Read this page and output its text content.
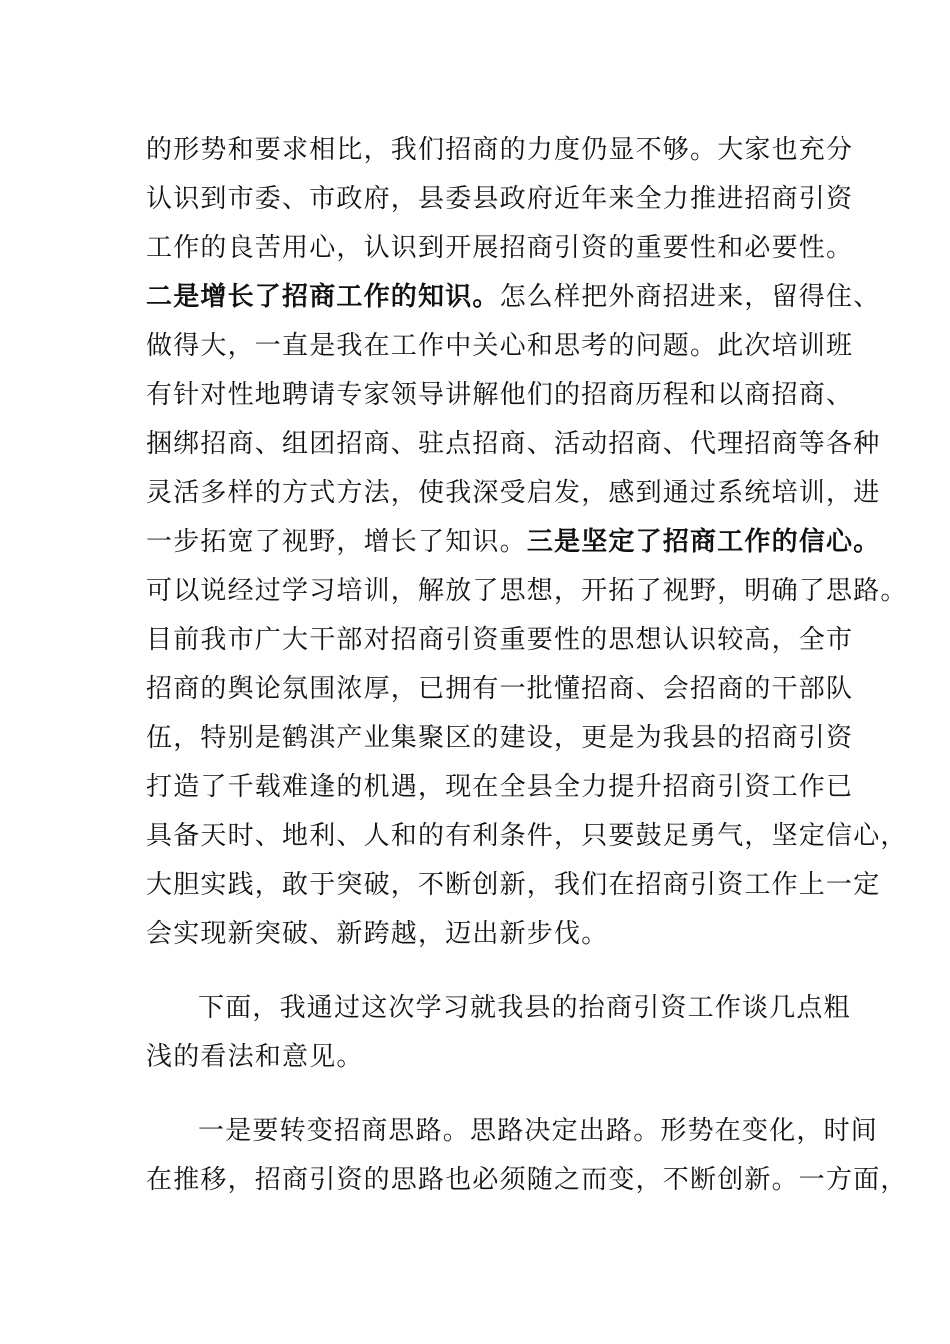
的形势和要求相比，我们招商的力度仍显不够。大家也充分
认识到市委、市政府，县委县政府近年来全力推进招商引资
工作的良苦用心，认识到开展招商引资的重要性和必要性。
二是增长了招商工作的知识。怎么样把外商招进来，留得住、
做得大，一直是我在工作中关心和思考的问题。此次培训班
有针对性地聘请专家领导讲解他们的招商历程和以商招商、
捆绑招商、组团招商、驻点招商、活动招商、代理招商等各种
灵活多样的方式方法，使我深受启发，感到通过系统培训，进
一步拓宽了视野，增长了知识。三是坚定了招商工作的信心。
可以说经过学习培训，解放了思想，开拓了视野，明确了思路。
目前我市广大干部对招商引资重要性的思想认识较高，全市
招商的舆论氛围浓厚，已拥有一批懂招商、会招商的干部队
伍，特别是鹤淇产业集聚区的建设，更是为我县的招商引资
打造了千载难逢的机遇，现在全县全力提升招商引资工作已
具备天时、地利、人和的有利条件，只要鼓足勇气，坚定信心，
大胆实践，敢于突破，不断创新，我们在招商引资工作上一定
会实现新突破、新跨越，迈出新步伐。
下面，我通过这次学习就我县的抬商引资工作谈几点粗
浅的看法和意见。
一是要转变招商思路。思路决定出路。形势在变化，时间
在推移，招商引资的思路也必须随之而变，不断创新。一方面，
